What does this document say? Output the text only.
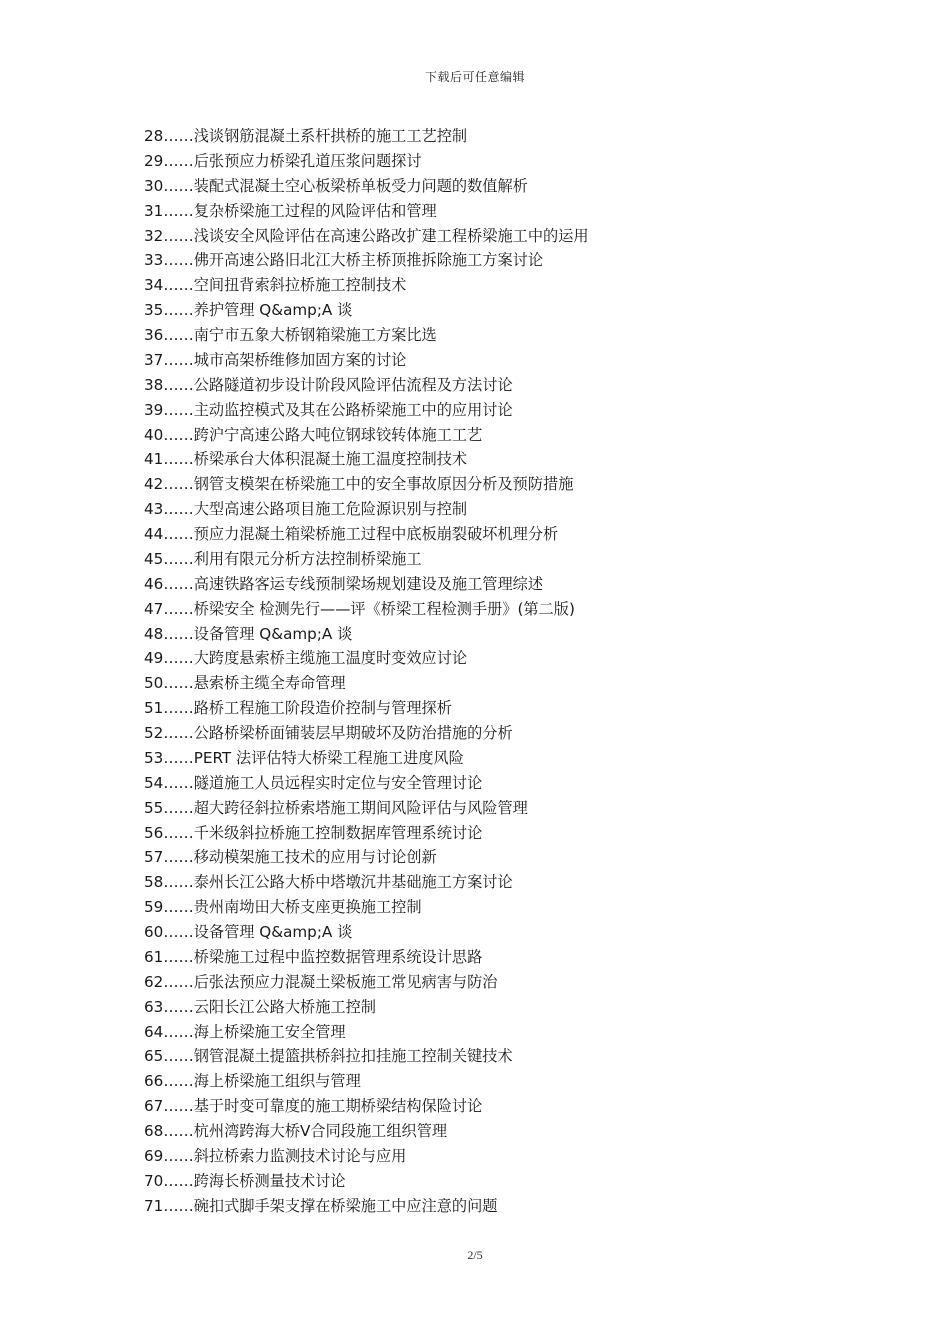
下载后可任意编辑
28……浅谈钢筋混凝土系杆拱桥的施工工艺控制
29……后张预应力桥梁孔道压浆问题探讨
30……装配式混凝土空心板梁桥单板受力问题的数值解析
31……复杂桥梁施工过程的风险评估和管理
32……浅谈安全风险评估在高速公路改扩建工程桥梁施工中的运用
33……佛开高速公路旧北江大桥主桥顶推拆除施工方案讨论
34……空间扭背索斜拉桥施工控制技术
35……养护管理 Q&amp;A 谈
36……南宁市五象大桥钢箱梁施工方案比选
37……城市高架桥维修加固方案的讨论
38……公路隧道初步设计阶段风险评估流程及方法讨论
39……主动监控模式及其在公路桥梁施工中的应用讨论
40……跨沪宁高速公路大吨位钢球铰转体施工工艺
41……桥梁承台大体积混凝土施工温度控制技术
42……钢管支模架在桥梁施工中的安全事故原因分析及预防措施
43……大型高速公路项目施工危险源识别与控制
44……预应力混凝土箱梁桥施工过程中底板崩裂破坏机理分析
45……利用有限元分析方法控制桥梁施工
46……高速铁路客运专线预制梁场规划建设及施工管理综述
47……桥梁安全 检测先行——评《桥梁工程检测手册》(第二版)
48……设备管理 Q&amp;A 谈
49……大跨度悬索桥主缆施工温度时变效应讨论
50……悬索桥主缆全寿命管理
51……路桥工程施工阶段造价控制与管理探析
52……公路桥梁桥面铺装层早期破坏及防治措施的分析
53……PERT 法评估特大桥梁工程施工进度风险
54……隧道施工人员远程实时定位与安全管理讨论
55……超大跨径斜拉桥索塔施工期间风险评估与风险管理
56……千米级斜拉桥施工控制数据库管理系统讨论
57……移动模架施工技术的应用与讨论创新
58……泰州长江公路大桥中塔墩沉井基础施工方案讨论
59……贵州南坳田大桥支座更换施工控制
60……设备管理 Q&amp;A 谈
61……桥梁施工过程中监控数据管理系统设计思路
62……后张法预应力混凝土梁板施工常见病害与防治
63……云阳长江公路大桥施工控制
64……海上桥梁施工安全管理
65……钢管混凝土提篮拱桥斜拉扣挂施工控制关键技术
66……海上桥梁施工组织与管理
67……基于时变可靠度的施工期桥梁结构保险讨论
68……杭州湾跨海大桥Ⅴ合同段施工组织管理
69……斜拉桥索力监测技术讨论与应用
70……跨海长桥测量技术讨论
71……碗扣式脚手架支撑在桥梁施工中应注意的问题
2/5
